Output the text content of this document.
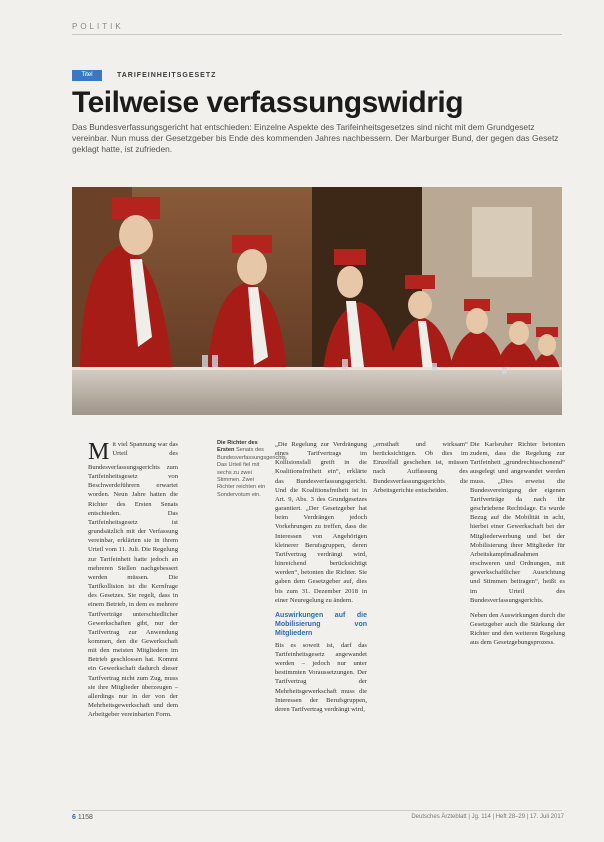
POLITIK
Titel	TARIFEINHEITSGESETZ
Teilweise verfassungswidrig
Das Bundesverfassungsgericht hat entschieden: Einzelne Aspekte des Tarifeinheitsgesetzes sind nicht mit dem Grundgesetz vereinbar. Nun muss der Gesetzgeber bis Ende des kommenden Jahres nachbessern. Der Marburger Bund, der gegen das Gesetz geklagt hatte, ist zufrieden.
M it viel Spannung war das Urteil des Bundesverfassungsgerichts zum Tarifeinheitsgesetz von Beschwerdeführern erwartet worden. Neun Jahre hatten die Richter des Ersten Senats entschieden. Das Tarifeinheitsgesetz ist grundsätzlich mit der Verfassung vereinbar, erklärten sie in ihrem Urteil vom 11. Juli. Die Regelung zur Tarifeinheit hatte jedoch an mehreren Stellen nachgebessert werden müssen. Die Tarifkollision ist die Kernfrage des Gesetzes. Sie regelt, dass in einem Betrieb, in dem es mehrere Tarifverträge unterschiedlicher Gewerkschaften gibt, nur der Tarifvertrag zur Anwendung kommen, den die Gewerkschaft mit den meisten Mitgliedern im Betrieb geschlossen hat. Kommt ein Gewerkschaft dadurch dieser Tarifvertrag nicht zum Zug, muss sie ihre Mitglieder überzeugen – allerdings nur in der von der Mehrheitsgewerkschaft und dem Arbeitgeber vereinbarten Form.
Die Richter des Ersten Senats des Bundesverfassungsgerichts. Das Urteil fiel mit sechs zu zwei Stimmen. Zwei Richter reichten ein Sondervotum ein.
„Die Regelung zur Verdrängung eines Tarifvertrags im Kollisionsfall greift in die Koalitionsfreiheit ein“, erklärte das Bundesverfassungsgericht. Und die Koalitionsfreiheit ist in Art. 9, Abs. 3 des Grundgesetzes garantiert. „Der Gesetzgeber hat beim Verdrängen jedoch Vorkehrungen zu treffen, dass die Interessen von Angehörigen kleinerer Berufsgruppen, deren Tarifvertrag verdrängt wird, hinreichend berücksichtigt werden“, betonten die Richter. Sie gaben dem Gesetzgeber auf, dies bis zum 31. Dezember 2018 in einer Neuregelung zu ändern.
Auswirkungen auf die Mobilisierung von Mitgliedern
Bis es soweit ist, darf das Tarifeinheitsgesetz angewandet werden – jedoch nur unter bestimmten Voraussetzungen. Der Tarifvertrag der Mehrheitsgewerkschaft muss die Interessen der Berufsgruppen, deren Tarifvertrag verdrängt wird,
„ernsthaft und wirksam“ berücksichtigen. Ob dies im Einzelfall geschehen ist, müssen nach Auffassung des Bundesverfassungsgerichts die Arbeitsgerichte entscheiden.
Die Karlsruher Richter betonten zudem, dass die Regelung zur Tarifeinheit „grundrechtsschonend“ ausgelegt und angewandet werden muss. „Dies erweist die Bundesvereinigung der eigenen Tarifverträge da nach ihr geschriebene Rechtslage. Es wurde Bezug auf die Mobilität in acht, hierbei einer Gewerkschaft bei der Mitgliederwerbung und bei der Mobilisierung ihrer Mitglieder für Arbeitskampfmaßnahmen erschweren und Ordnungen, mit gewerkschaftlicher Ausrichtung und Stimmen beitragen“, heißt es im Urteil des Bundesverfassungsgerichts.
Neben den Auswirkungen durch die Gesetzgeber auch die Stärkung der Richter und den weiteren Regelung aus dem Gesetzgebungsprozess.
6 1158	Deutsches Ärzteblatt | Jg. 114 | Heft 28–29 | 17. Juli 2017
